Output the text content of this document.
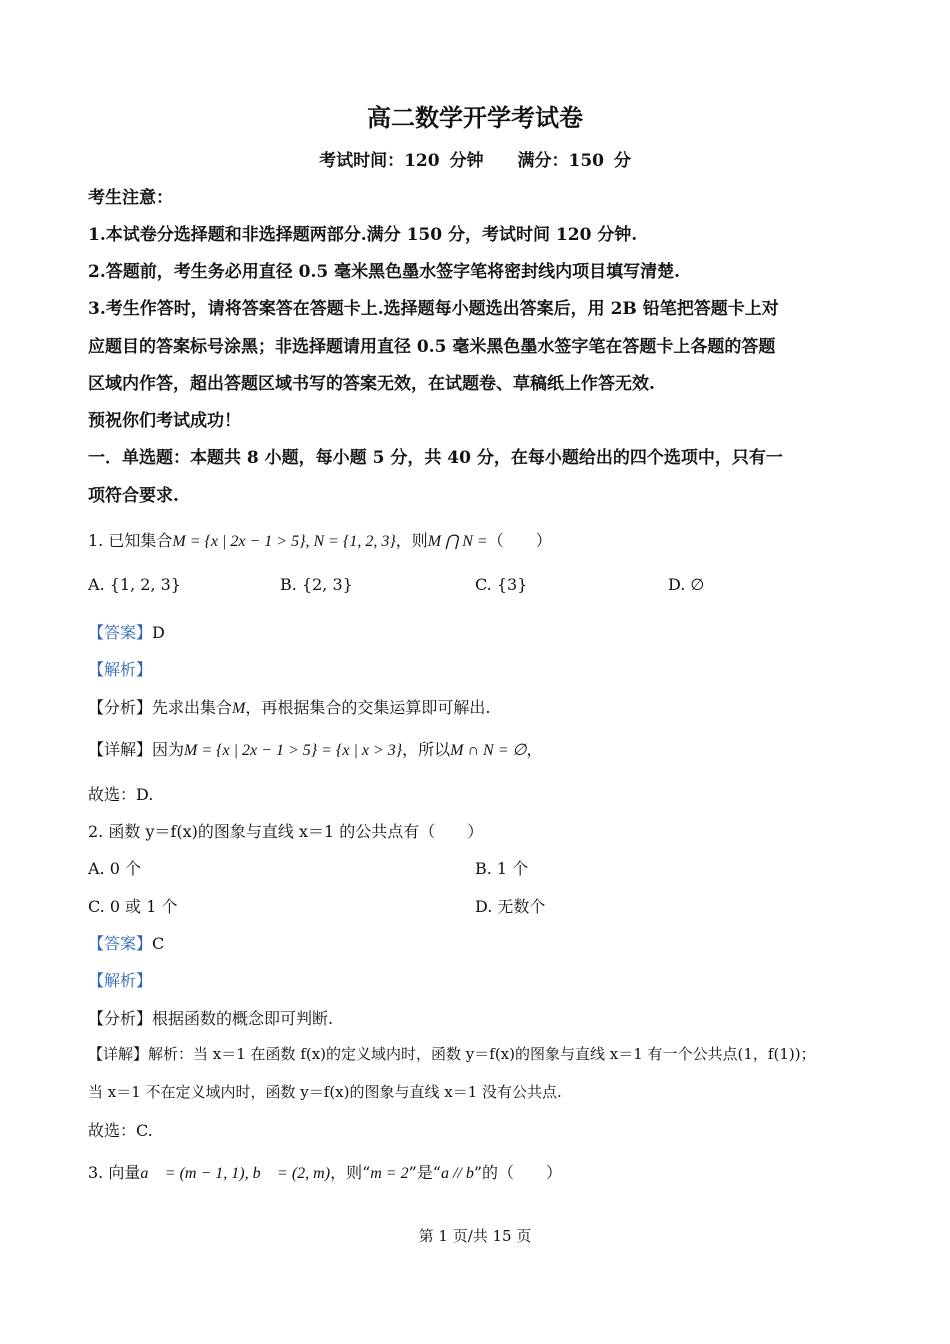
高二数学开学考试卷
考试时间：120 分钟　　满分：150 分
考生注意：
1.本试卷分选择题和非选择题两部分.满分 150 分，考试时间 120 分钟.
2.答题前，考生务必用直径 0.5 毫米黑色墨水签字笔将密封线内项目填写清楚.
3.考生作答时，请将答案答在答题卡上.选择题每小题选出答案后，用 2B 铅笔把答题卡上对
应题目的答案标号涂黑；非选择题请用直径 0.5 毫米黑色墨水签字笔在答题卡上各题的答题
区域内作答，超出答题区域书写的答案无效，在试题卷、草稿纸上作答无效.
预祝你们考试成功！
一．单选题：本题共 8 小题，每小题 5 分，共 40 分，在每小题给出的四个选项中，只有一
项符合要求.
1. 已知集合M = {x | 2x − 1 > 5}, N = {1, 2, 3}，则M ⋂ N =（　　）
A. {1, 2, 3}	B. {2, 3}	C. {3}	D. ∅
【答案】D
【解析】
【分析】先求出集合M，再根据集合的交集运算即可解出.
【详解】因为M = {x | 2x − 1 > 5} = {x | x > 3}，所以M ∩ N = ∅，
故选：D.
2. 函数 y＝f(x)的图象与直线 x＝1 的公共点有（　　）
A. 0 个	B. 1 个
C. 0 或 1 个	D. 无数个
【答案】C
【解析】
【分析】根据函数的概念即可判断.
【详解】解析：当 x＝1 在函数 f(x)的定义域内时，函数 y＝f(x)的图象与直线 x＝1 有一个公共点(1，f(1))；
当 x＝1 不在定义域内时，函数 y＝f(x)的图象与直线 x＝1 没有公共点.
故选：C.
3. 向量a⃗ = (m − 1, 1), b⃗ = (2, m)，则“m = 2”是“a // b”的（　　）
第 1 页/共 15 页
